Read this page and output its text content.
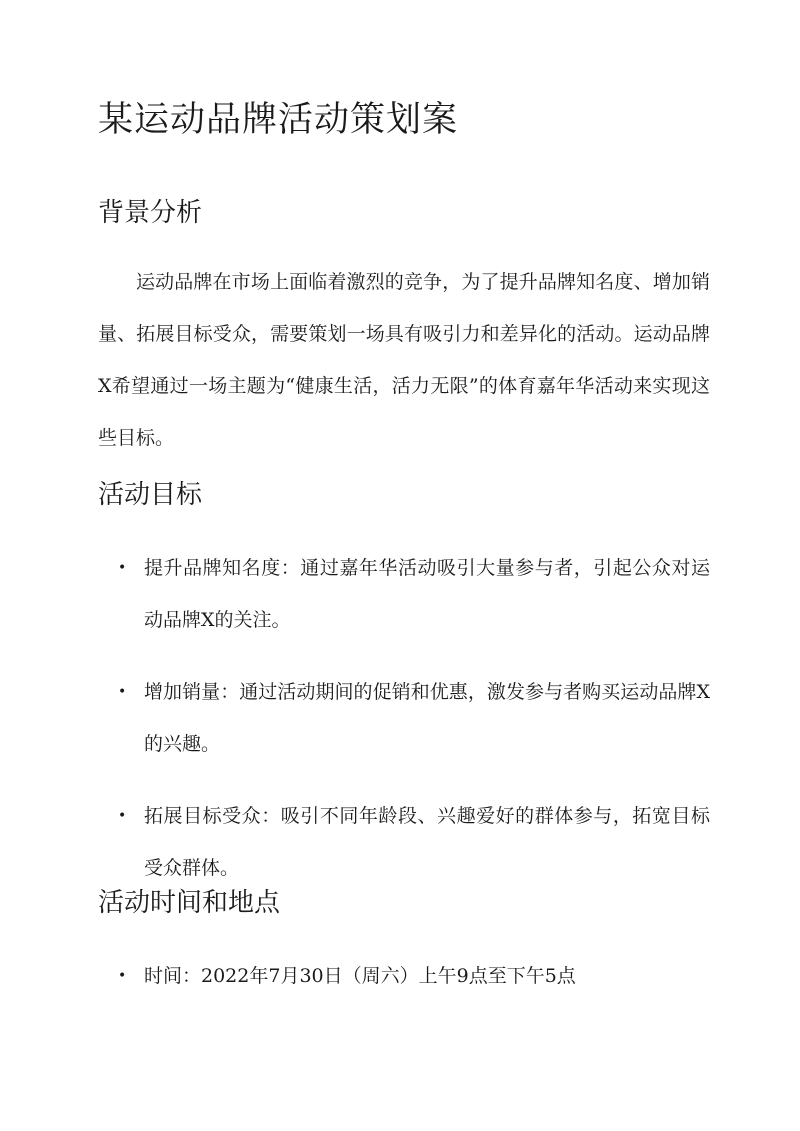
某运动品牌活动策划案
背景分析

运动品牌在市场上面临着激烈的竞争，为了提升品牌知名度、增加销量、拓展目标受众，需要策划一场具有吸引力和差异化的活动。运动品牌X希望通过一场主题为“健康生活，活力无限”的体育嘉年华活动来实现这些目标。

活动目标
• 提升品牌知名度：通过嘉年华活动吸引大量参与者，引起公众对运动品牌X的关注。
• 增加销量：通过活动期间的促销和优惠，激发参与者购买运动品牌X的兴趣。
• 拓展目标受众：吸引不同年龄段、兴趣爱好的群体参与，拓宽目标受众群体。
活动时间和地点
• 时间：2022年7月30日（周六）上午9点至下午5点
